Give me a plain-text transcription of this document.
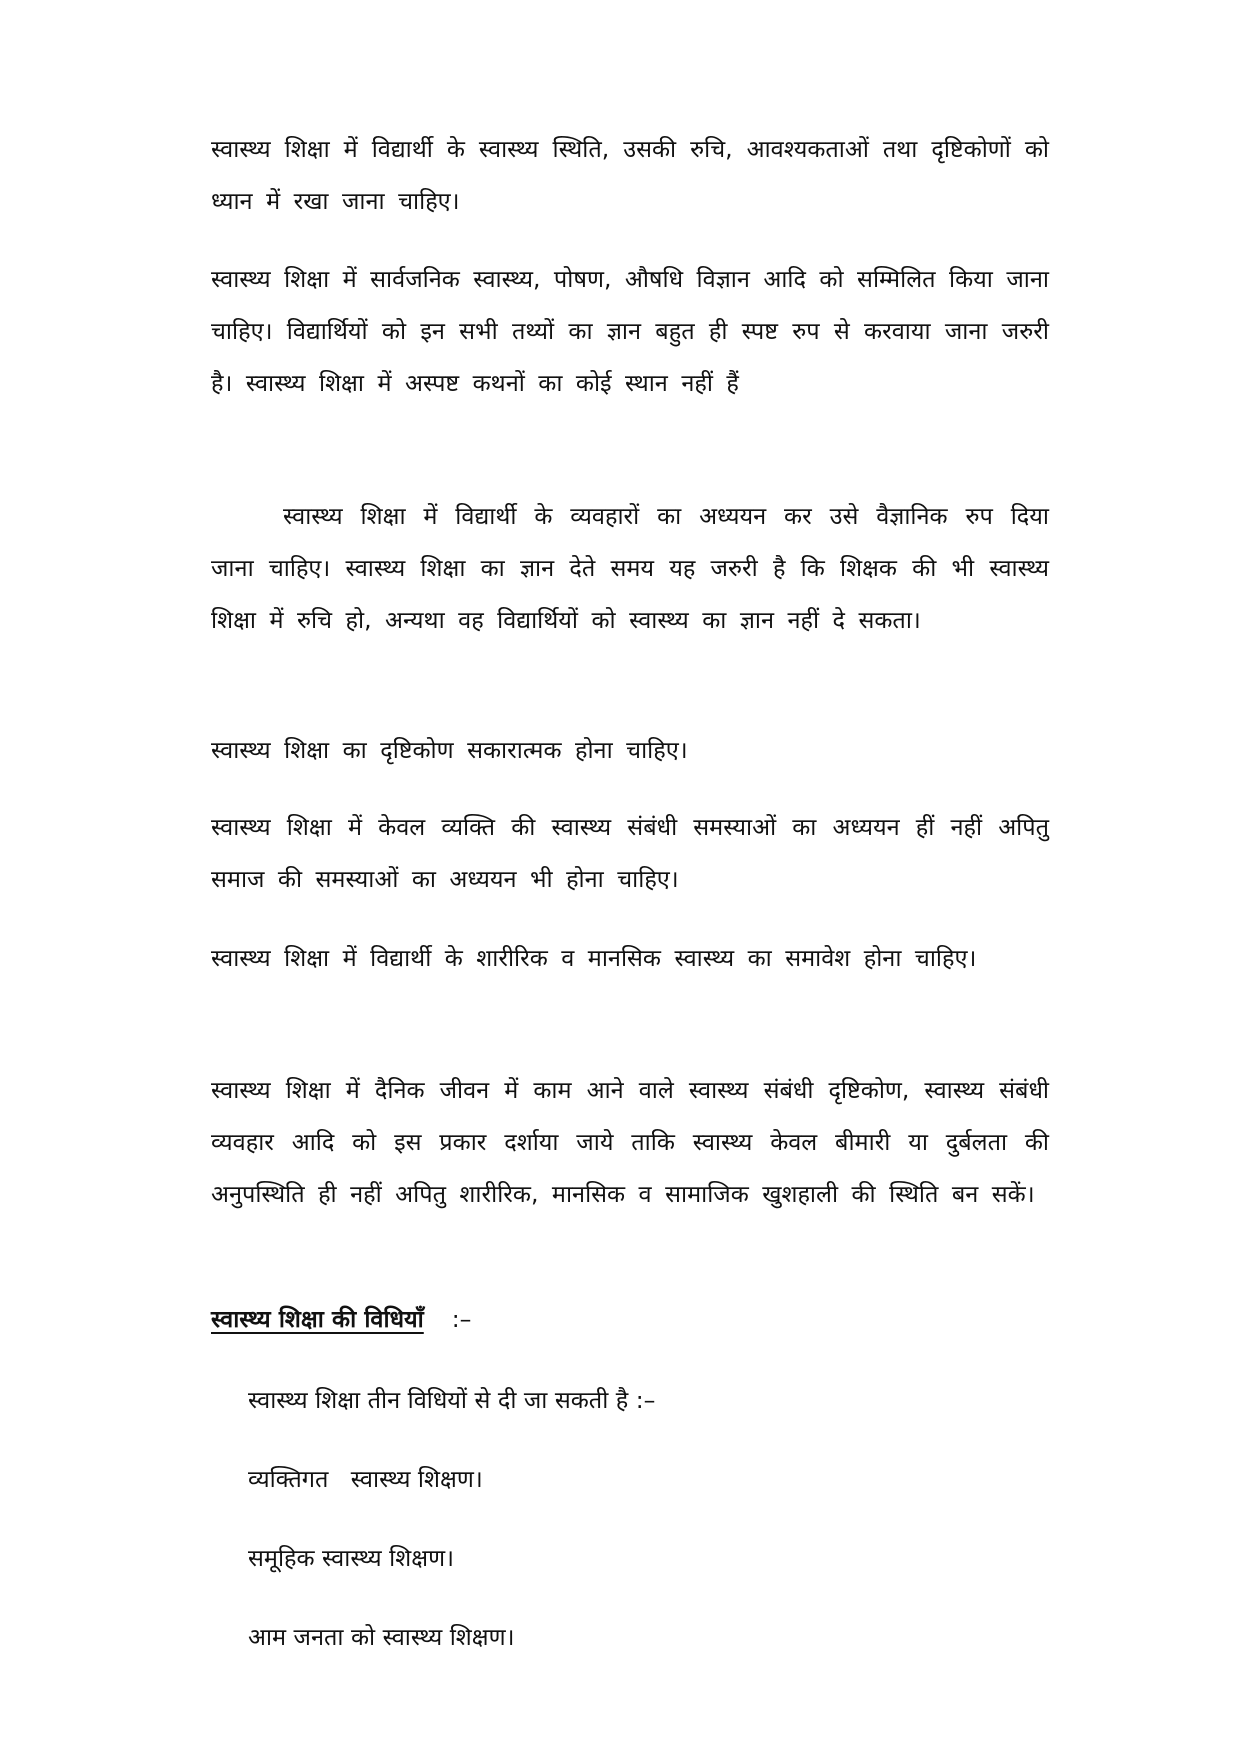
स्वास्थ्य शिक्षा में विद्यार्थी के स्वास्थ्य स्थिति, उसकी रुचि, आवश्यकताओं तथा दृष्टिकोणों को ध्यान में रखा जाना चाहिए।

स्वास्थ्य शिक्षा में सार्वजनिक स्वास्थ्य, पोषण, औषधि विज्ञान आदि को सम्मिलित किया जाना चाहिए। विद्यार्थियों को इन सभी तथ्यों का ज्ञान बहुत ही स्पष्ट रुप से करवाया जाना जरुरी है। स्वास्थ्य शिक्षा में अस्पष्ट कथनों का कोई स्थान नहीं हैं

स्वास्थ्य शिक्षा में विद्यार्थी के व्यवहारों का अध्ययन कर उसे वैज्ञानिक रुप दिया जाना चाहिए। स्वास्थ्य शिक्षा का ज्ञान देते समय यह जरुरी है कि शिक्षक की भी स्वास्थ्य शिक्षा में रुचि हो, अन्यथा वह विद्यार्थियों को स्वास्थ्य का ज्ञान नहीं दे सकता।

स्वास्थ्य शिक्षा का दृष्टिकोण सकारात्मक होना चाहिए।

स्वास्थ्य शिक्षा में केवल व्यक्ति की स्वास्थ्य संबंधी समस्याओं का अध्ययन हीं नहीं अपितु समाज की समस्याओं का अध्ययन भी होना चाहिए।

स्वास्थ्य शिक्षा में विद्यार्थी के शारीरिक व मानसिक स्वास्थ्य का समावेश होना चाहिए।

स्वास्थ्य शिक्षा में दैनिक जीवन में काम आने वाले स्वास्थ्य संबंधी दृष्टिकोण, स्वास्थ्य संबंधी व्यवहार आदि को इस प्रकार दर्शाया जाये ताकि स्वास्थ्य केवल बीमारी या दुर्बलता की अनुपस्थिति ही नहीं अपितु शारीरिक, मानसिक व सामाजिक खुशहाली की स्थिति बन सकें।

स्वास्थ्य शिक्षा की विधियाँ :–
स्वास्थ्य शिक्षा तीन विधियों से दी जा सकती है :–
व्यक्तिगत   स्वास्थ्य शिक्षण।
समूहिक स्वास्थ्य शिक्षण।
आम जनता को स्वास्थ्य शिक्षण।
